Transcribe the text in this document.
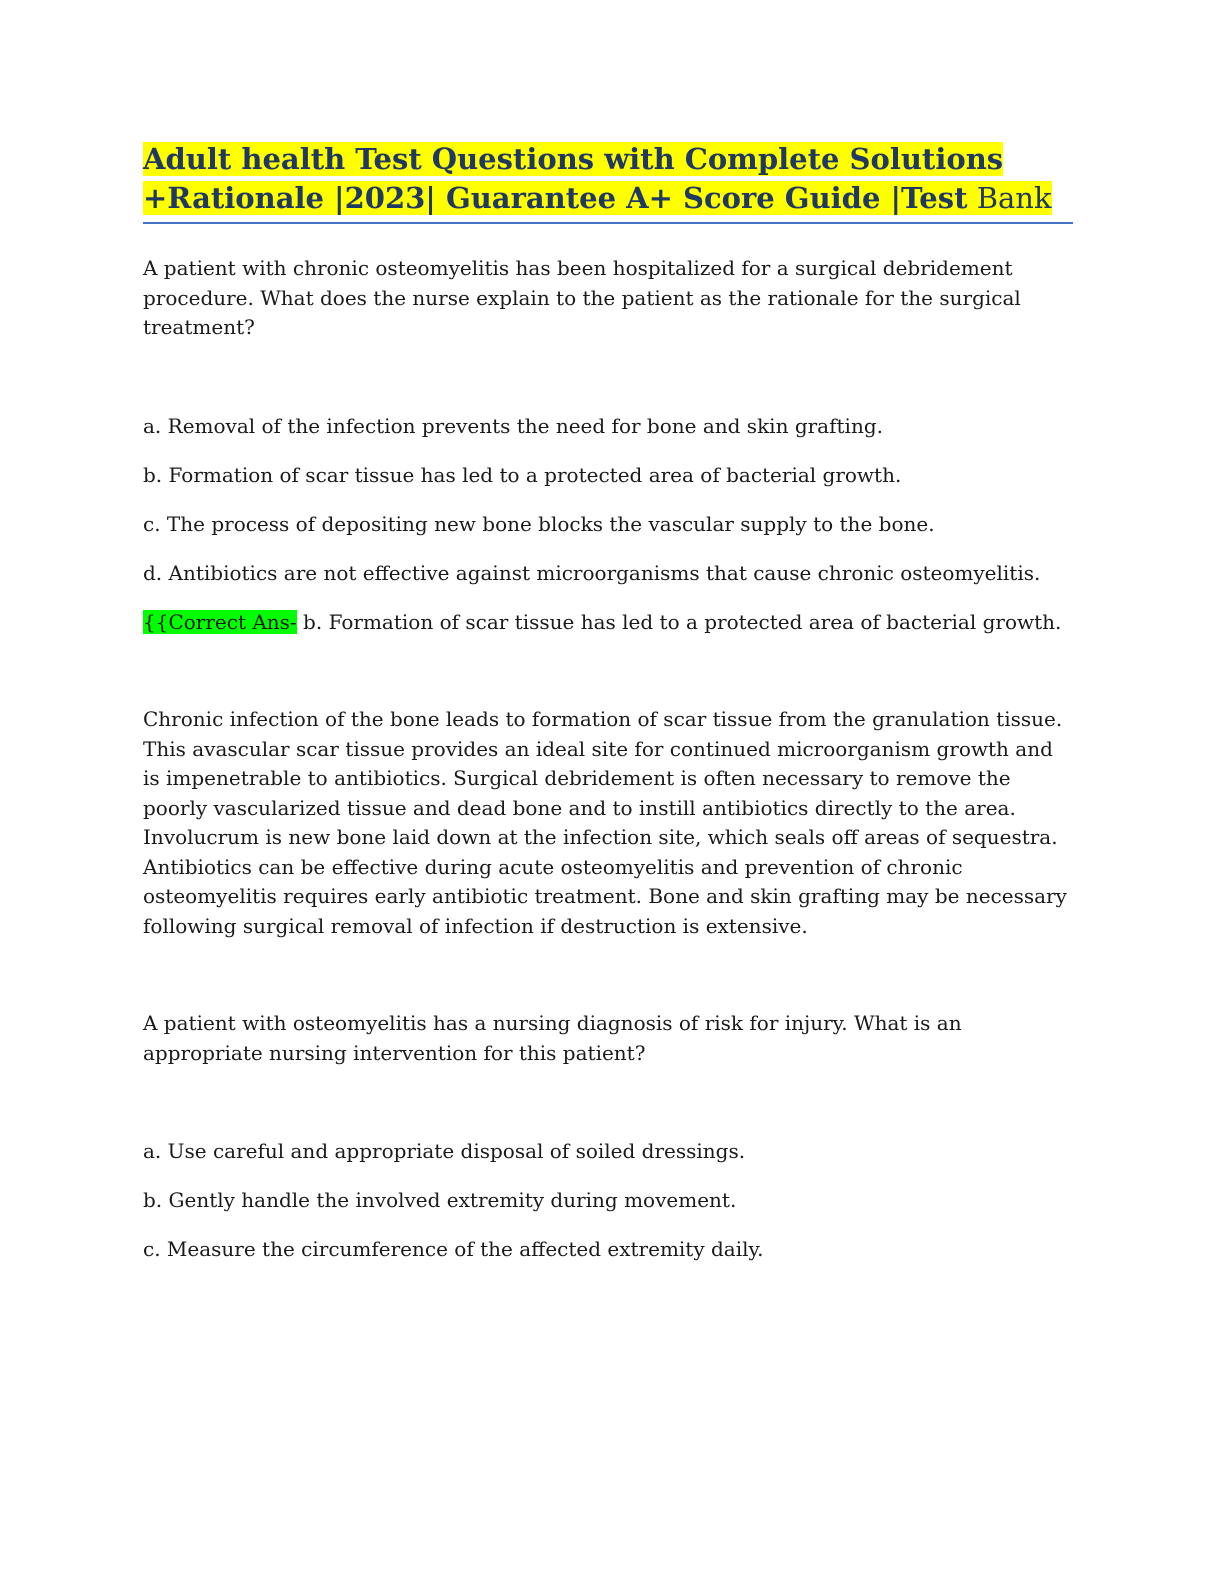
Adult health Test Questions with Complete Solutions
+Rationale |2023| Guarantee A+ Score Guide |Test Bank

A patient with chronic osteomyelitis has been hospitalized for a surgical debridement procedure. What does the nurse explain to the patient as the rationale for the surgical treatment?

a. Removal of the infection prevents the need for bone and skin grafting.

b. Formation of scar tissue has led to a protected area of bacterial growth.

c. The process of depositing new bone blocks the vascular supply to the bone.

d. Antibiotics are not effective against microorganisms that cause chronic osteomyelitis.

{{Correct Ans- b. Formation of scar tissue has led to a protected area of bacterial growth.

Chronic infection of the bone leads to formation of scar tissue from the granulation tissue. This avascular scar tissue provides an ideal site for continued microorganism growth and is impenetrable to antibiotics. Surgical debridement is often necessary to remove the poorly vascularized tissue and dead bone and to instill antibiotics directly to the area. Involucrum is new bone laid down at the infection site, which seals off areas of sequestra. Antibiotics can be effective during acute osteomyelitis and prevention of chronic osteomyelitis requires early antibiotic treatment. Bone and skin grafting may be necessary following surgical removal of infection if destruction is extensive.

A patient with osteomyelitis has a nursing diagnosis of risk for injury. What is an appropriate nursing intervention for this patient?

a. Use careful and appropriate disposal of soiled dressings.

b. Gently handle the involved extremity during movement.

c. Measure the circumference of the affected extremity daily.
